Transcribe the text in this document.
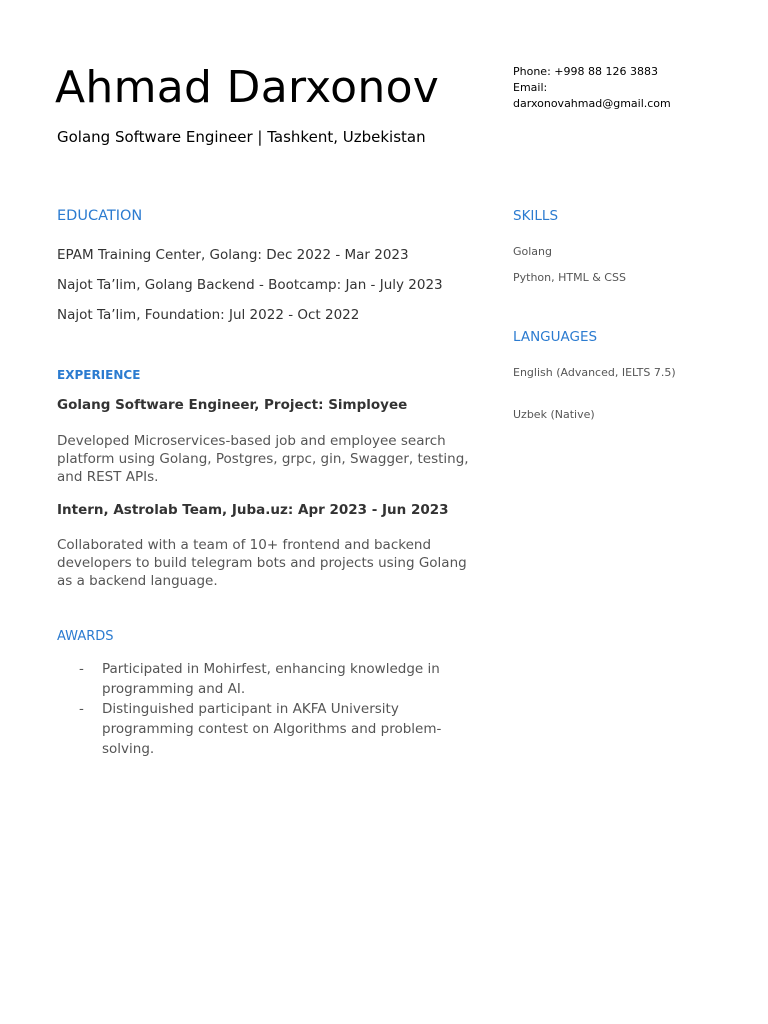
Ahmad Darxonov
Golang Software Engineer | Tashkent, Uzbekistan
Phone: +998 88 126 3883
Email:
darxonovahmad@gmail.com
EDUCATION
EPAM Training Center, Golang: Dec 2022 - Mar 2023
Najot Ta’lim, Golang Backend - Bootcamp: Jan - July 2023
Najot Ta’lim, Foundation: Jul 2022 - Oct 2022
EXPERIENCE
Golang Software Engineer, Project: Simployee
Developed Microservices-based job and employee search platform using Golang, Postgres, grpc, gin, Swagger, testing, and REST APIs.
Intern, Astrolab Team, Juba.uz: Apr 2023 - Jun 2023
Collaborated with a team of 10+ frontend and backend developers to build telegram bots and projects using Golang as a backend language.
AWARDS
- Participated in Mohirfest, enhancing knowledge in programming and AI.
- Distinguished participant in AKFA University programming contest on Algorithms and problem-solving.
SKILLS
Golang
Python, HTML & CSS
LANGUAGES
English (Advanced, IELTS 7.5)
Uzbek (Native)
